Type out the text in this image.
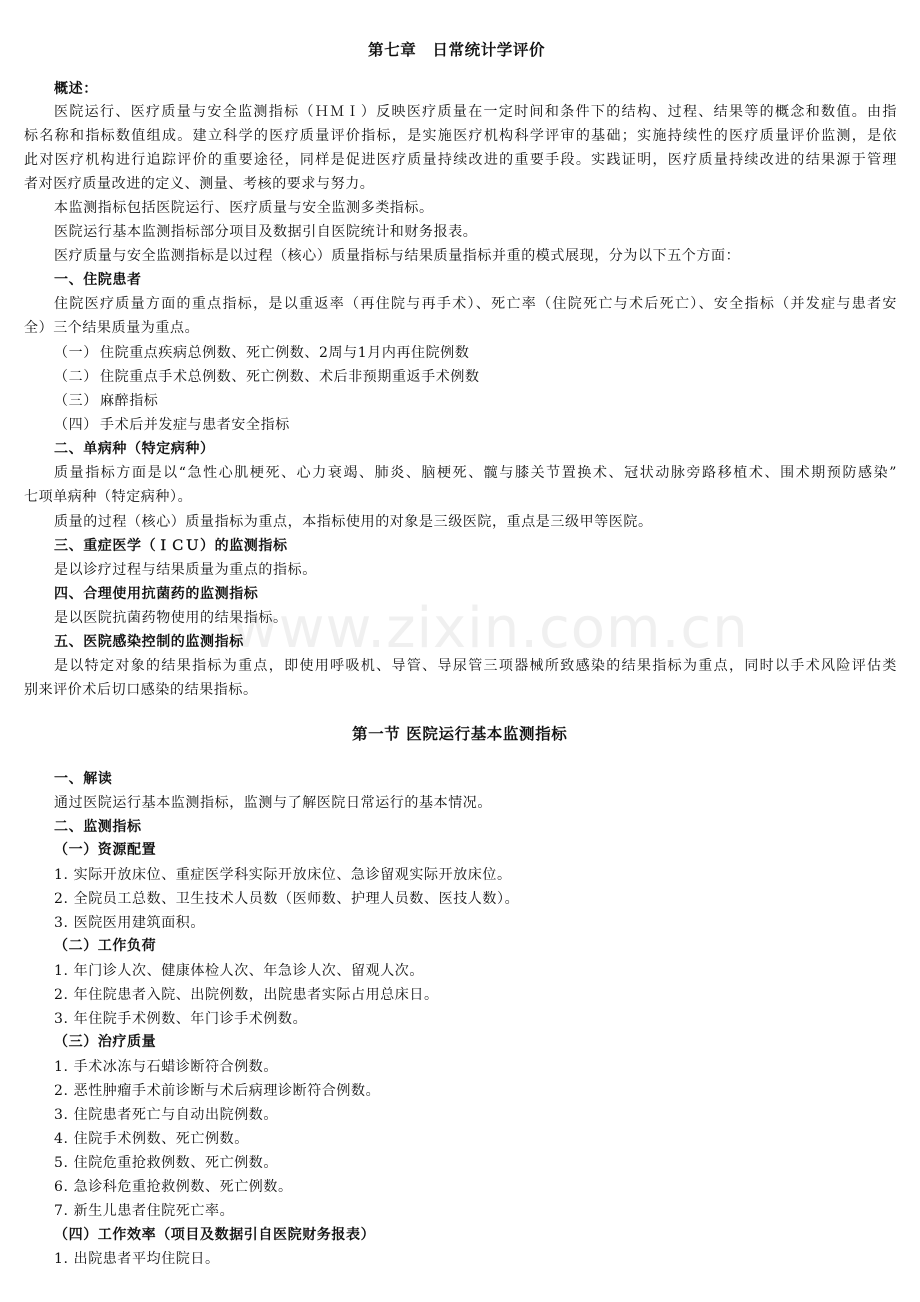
www.zixin.com.cn
第七章　日常统计学评价
概述：
医院运行、医疗质量与安全监测指标（ＨＭＩ）反映医疗质量在一定时间和条件下的结构、过程、结果等的概念和数值。由指
标名称和指标数值组成。建立科学的医疗质量评价指标，是实施医疗机构科学评审的基础；实施持续性的医疗质量评价监测，是依
此对医疗机构进行追踪评价的重要途径，同样是促进医疗质量持续改进的重要手段。实践证明，医疗质量持续改进的结果源于管理
者对医疗质量改进的定义、测量、考核的要求与努力。
本监测指标包括医院运行、医疗质量与安全监测多类指标。
医院运行基本监测指标部分项目及数据引自医院统计和财务报表。
医疗质量与安全监测指标是以过程（核心）质量指标与结果质量指标并重的模式展现，分为以下五个方面：
一、住院患者
住院医疗质量方面的重点指标，是以重返率（再住院与再手术）、死亡率（住院死亡与术后死亡）、安全指标（并发症与患者安
全）三个结果质量为重点。
（一） 住院重点疾病总例数、死亡例数、2周与1月内再住院例数
（二） 住院重点手术总例数、死亡例数、术后非预期重返手术例数
（三） 麻醉指标
（四） 手术后并发症与患者安全指标
二、单病种（特定病种）
质量指标方面是以“急性心肌梗死、心力衰竭、肺炎、脑梗死、髋与膝关节置换术、冠状动脉旁路移植术、围术期预防感染”
七项单病种（特定病种）。
质量的过程（核心）质量指标为重点，本指标使用的对象是三级医院，重点是三级甲等医院。
三、重症医学（ＩＣＵ）的监测指标
是以诊疗过程与结果质量为重点的指标。
四、合理使用抗菌药的监测指标
是以医院抗菌药物使用的结果指标。
五、医院感染控制的监测指标
是以特定对象的结果指标为重点，即使用呼吸机、导管、导尿管三项器械所致感染的结果指标为重点，同时以手术风险评估类
别来评价术后切口感染的结果指标。
第一节 医院运行基本监测指标
一、解读
通过医院运行基本监测指标，监测与了解医院日常运行的基本情况。
二、监测指标
（一）资源配置
1. 实际开放床位、重症医学科实际开放床位、急诊留观实际开放床位。
2. 全院员工总数、卫生技术人员数（医师数、护理人员数、医技人数）。
3. 医院医用建筑面积。
（二）工作负荷
1. 年门诊人次、健康体检人次、年急诊人次、留观人次。
2. 年住院患者入院、出院例数，出院患者实际占用总床日。
3. 年住院手术例数、年门诊手术例数。
（三）治疗质量
1. 手术冰冻与石蜡诊断符合例数。
2. 恶性肿瘤手术前诊断与术后病理诊断符合例数。
3. 住院患者死亡与自动出院例数。
4. 住院手术例数、死亡例数。
5. 住院危重抢救例数、死亡例数。
6. 急诊科危重抢救例数、死亡例数。
7. 新生儿患者住院死亡率。
（四）工作效率（项目及数据引自医院财务报表）
1. 出院患者平均住院日。
